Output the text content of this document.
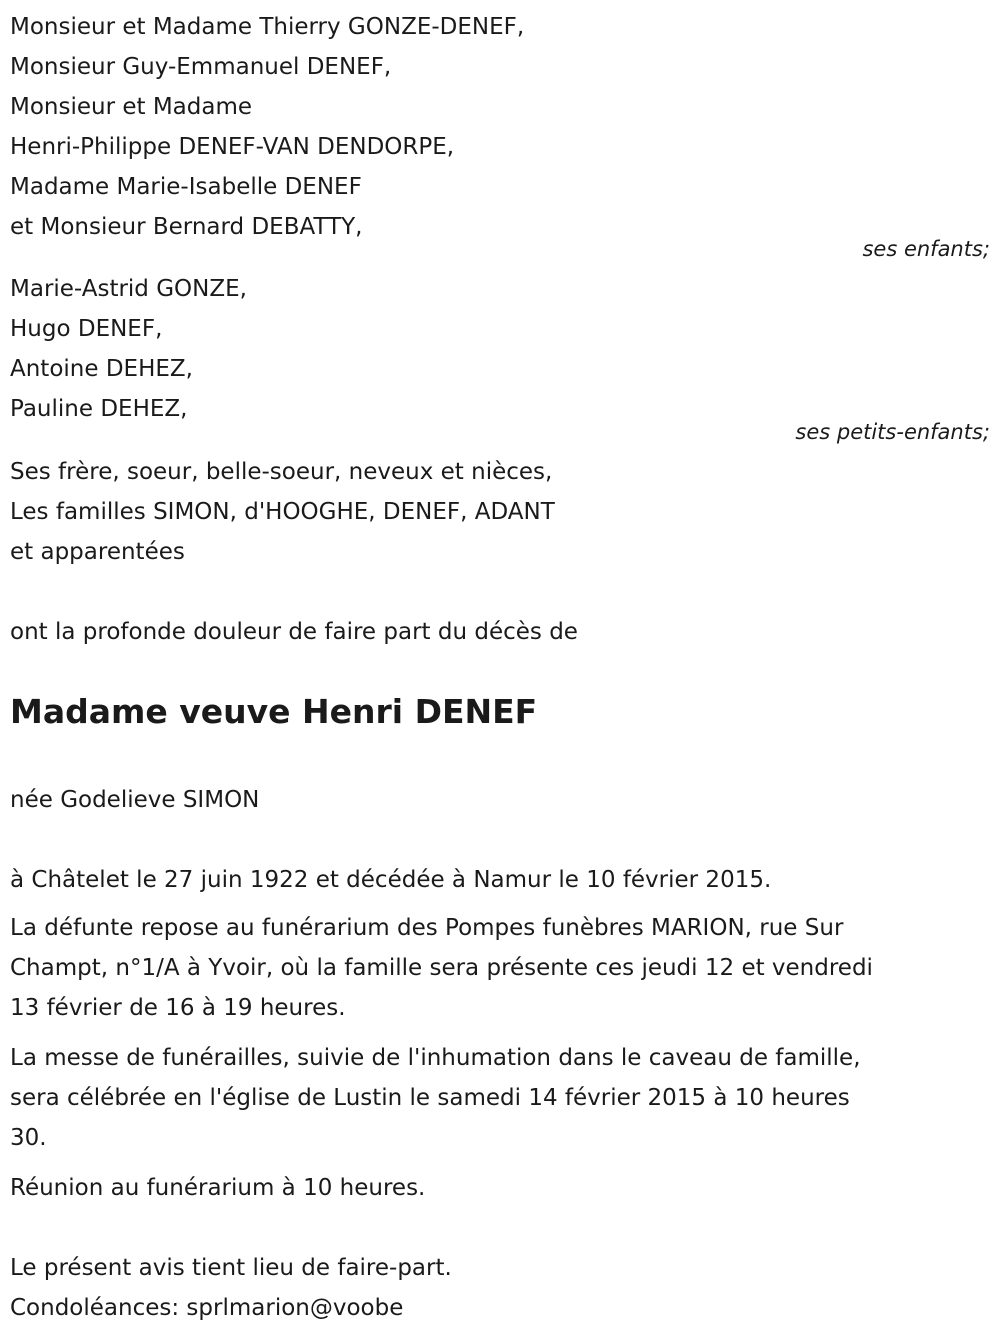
Monsieur et Madame Thierry GONZE-DENEF,
Monsieur Guy-Emmanuel DENEF,
Monsieur et Madame
Henri-Philippe DENEF-VAN DENDORPE,
Madame Marie-Isabelle DENEF
et Monsieur Bernard DEBATTY,
ses enfants;
Marie-Astrid GONZE,
Hugo DENEF,
Antoine DEHEZ,
Pauline DEHEZ,
ses petits-enfants;
Ses frère, soeur, belle-soeur, neveux et nièces,
Les familles SIMON, d'HOOGHE, DENEF, ADANT
et apparentées
ont la profonde douleur de faire part du décès de
Madame veuve Henri DENEF
née Godelieve SIMON
à Châtelet le 27 juin 1922 et décédée à Namur le 10 février 2015.
La défunte repose au funérarium des Pompes funèbres MARION, rue Sur
Champt, n°1/A à Yvoir, où la famille sera présente ces jeudi 12 et vendredi
13 février de 16 à 19 heures.
La messe de funérailles, suivie de l'inhumation dans le caveau de famille,
sera célébrée en l'église de Lustin le samedi 14 février 2015 à 10 heures
30.
Réunion au funérarium à 10 heures.
Le présent avis tient lieu de faire-part.
Condoléances: sprlmarion@voobe
